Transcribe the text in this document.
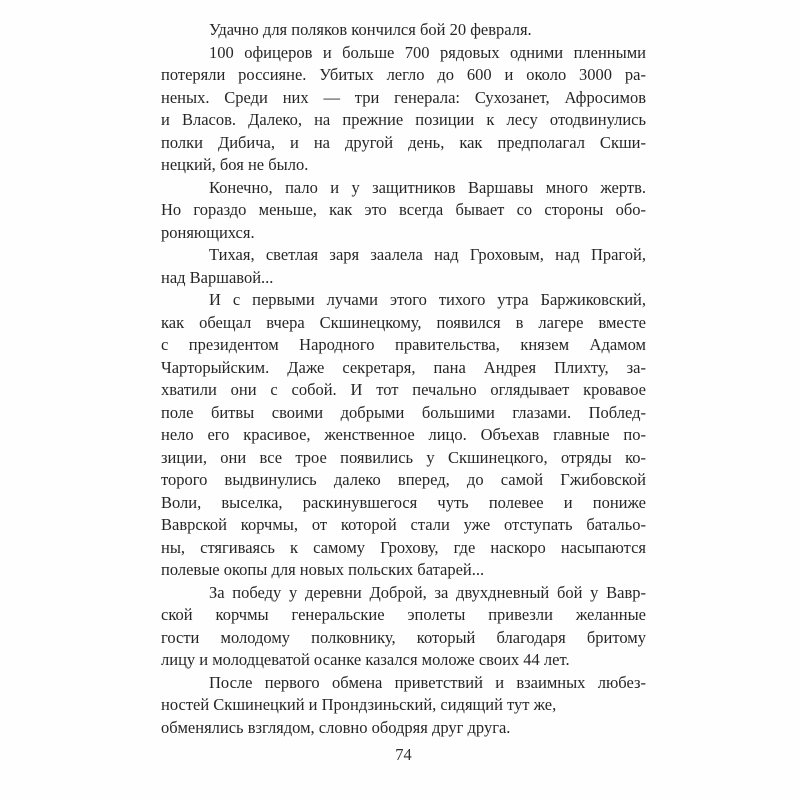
Удачно для поляков кончился бой 20 февраля.
100 офицеров и больше 700 рядовых одними пленными
потеряли россияне. Убитых легло до 600 и около 3000 ра-
неных. Среди них — три генерала: Сухозанет, Афросимов
и Власов. Далеко, на прежние позиции к лесу отодвинулись
полки Дибича, и на другой день, как предполагал Скши-
нецкий, боя не было.
Конечно, пало и у защитников Варшавы много жертв.
Но гораздо меньше, как это всегда бывает со стороны обо-
роняющихся.
Тихая, светлая заря заалела над Гроховым, над Прагой,
над Варшавой...
И с первыми лучами этого тихого утра Баржиковский,
как обещал вчера Скшинецкому, появился в лагере вместе
с президентом Народного правительства, князем Адамом
Чарторыйским. Даже секретаря, пана Андрея Плихту, за-
хватили они с собой. И тот печально оглядывает кровавое
поле битвы своими добрыми большими глазами. Поблед-
нело его красивое, женственное лицо. Объехав главные по-
зиции, они все трое появились у Скшинецкого, отряды ко-
торого выдвинулись далеко вперед, до самой Гжибовской
Воли, выселка, раскинувшегося чуть полевее и пониже
Ваврской корчмы, от которой стали уже отступать батальо-
ны, стягиваясь к самому Грохову, где наскоро насыпаются
полевые окопы для новых польских батарей...
За победу у деревни Доброй, за двухдневный бой у Вавр-
ской корчмы генеральские эполеты привезли желанные
гости молодому полковнику, который благодаря бритому
лицу и молодцеватой осанке казался моложе своих 44 лет.
После первого обмена приветствий и взаимных любез-
ностей Скшинецкий и Прондзиньский, сидящий тут же,
обменялись взглядом, словно ободряя друг друга.
74
